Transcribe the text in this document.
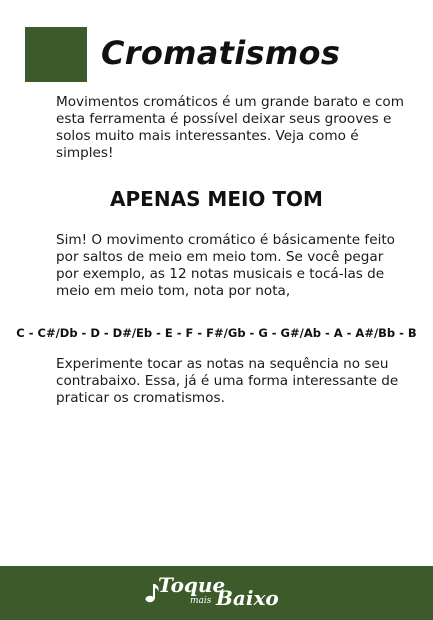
Cromatismos

Movimentos cromáticos é um grande barato e com esta ferramenta é possível deixar seus grooves e solos muito mais interessantes. Veja como é simples!

APENAS MEIO TOM

Sim! O movimento cromático é básicamente feito por saltos de meio em meio tom. Se você pegar por exemplo, as 12 notas musicais e tocá-las de meio em meio tom, nota por nota,

C - C#/Db - D - D#/Eb - E - F - F#/Gb - G - G#/Ab - A - A#/Bb - B

Experimente tocar as notas na sequência no seu contrabaixo. Essa, já é uma forma interessante de praticar os cromatismos.

Toque
mais Baixo
